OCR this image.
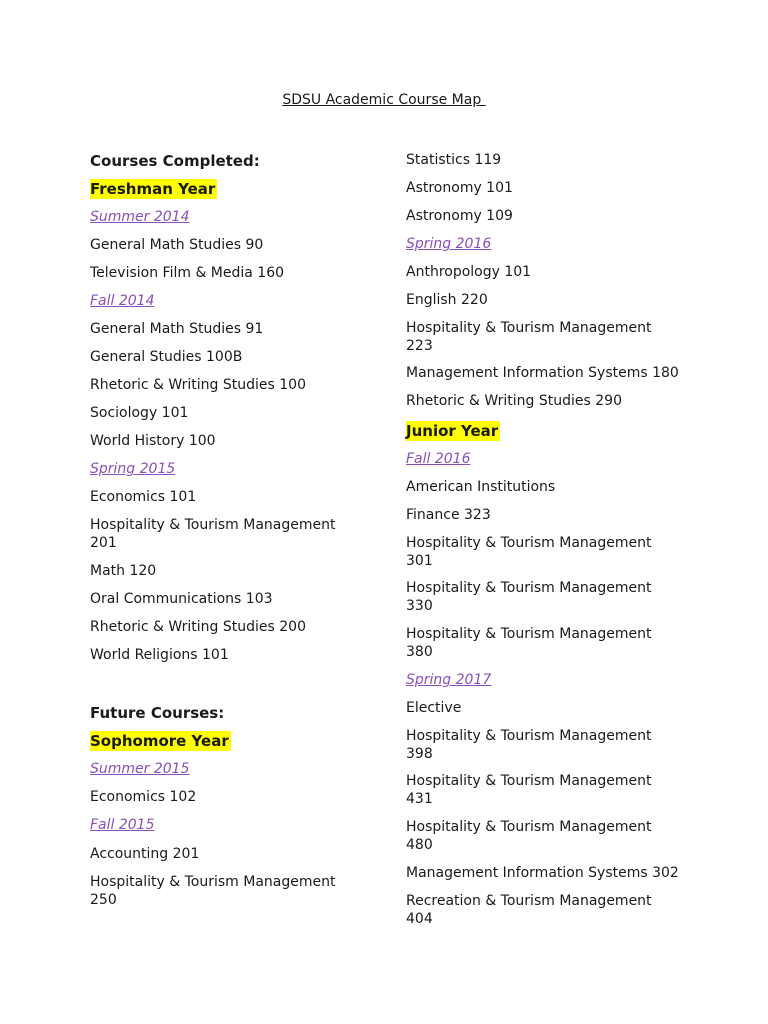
SDSU Academic Course Map
Courses Completed:
Freshman Year
Summer 2014
General Math Studies 90
Television Film & Media 160
Fall 2014
General Math Studies 91
General Studies 100B
Rhetoric & Writing Studies 100
Sociology 101
World History 100
Spring 2015
Economics 101
Hospitality & Tourism Management 201
Math 120
Oral Communications 103
Rhetoric & Writing Studies 200
World Religions 101
Future Courses:
Sophomore Year
Summer 2015
Economics 102
Fall 2015
Accounting 201
Hospitality & Tourism Management 250
Statistics 119
Astronomy 101
Astronomy 109
Spring 2016
Anthropology 101
English 220
Hospitality & Tourism Management 223
Management Information Systems 180
Rhetoric & Writing Studies 290
Junior Year
Fall 2016
American Institutions
Finance 323
Hospitality & Tourism Management 301
Hospitality & Tourism Management 330
Hospitality & Tourism Management 380
Spring 2017
Elective
Hospitality & Tourism Management 398
Hospitality & Tourism Management 431
Hospitality & Tourism Management 480
Management Information Systems 302
Recreation & Tourism Management 404
